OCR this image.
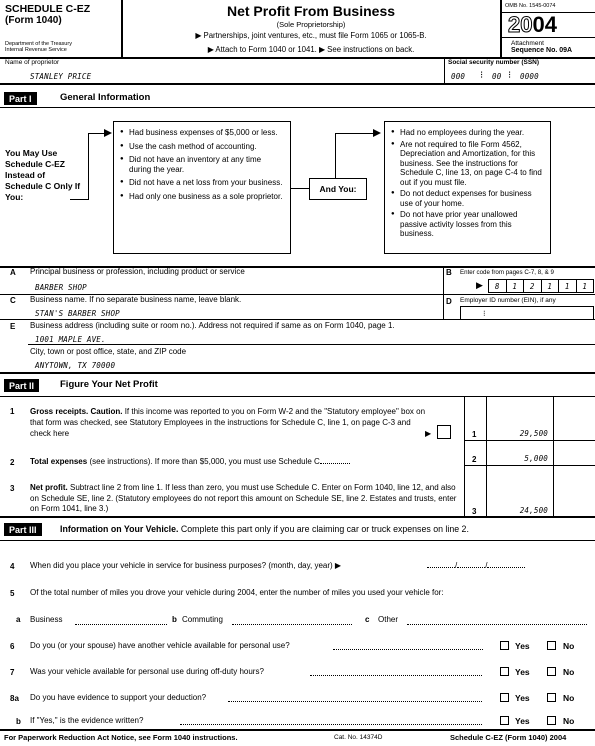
SCHEDULE C-EZ
(Form 1040)
Department of the Treasury
Internal Revenue Service
Net Profit From Business
(Sole Proprietorship)
▶ Partnerships, joint ventures, etc., must file Form 1065 or 1065-B.
▶ Attach to Form 1040 or 1041. ▶ See instructions on back.
OMB No. 1545-0074
2004
Attachment
Sequence No. 09A
Name of proprietor
STANLEY PRICE
Social security number (SSN)
000 ⁝ 00 ⁝ 0000
Part I	General Information
You May Use Schedule C-EZ Instead of Schedule C Only If You:
● Had business expenses of $5,000 or less.
● Use the cash method of accounting.
● Did not have an inventory at any time during the year.
● Did not have a net loss from your business.
● Had only one business as a sole proprietor.
And You:
● Had no employees during the year.
● Are not required to file Form 4562, Depreciation and Amortization, for this business. See the instructions for Schedule C, line 13, on page C-4 to find out if you must file.
● Do not deduct expenses for business use of your home.
● Do not have prior year unallowed passive activity losses from this business.
A Principal business or profession, including product or service
BARBER SHOP
B Enter code from pages C-7, 8, & 9
▶	8	1	2	1	1	1
C Business name. If no separate business name, leave blank.
STAN'S BARBER SHOP
D Employer ID number (EIN), if any
⁝
E Business address (including suite or room no.). Address not required if same as on Form 1040, page 1.
1001 MAPLE AVE.
City, town or post office, state, and ZIP code
ANYTOWN, TX 70000
Part II	Figure Your Net Profit
1 Gross receipts. Caution. If this income was reported to you on Form W-2 and the "Statutory employee" box on that form was checked, see Statutory Employees in the instructions for Schedule C, line 1, on page C-3 and check here	▶	1	29,500
2 Total expenses (see instructions). If more than $5,000, you must use Schedule C	2	5,000
3 Net profit. Subtract line 2 from line 1. If less than zero, you must use Schedule C. Enter on Form 1040, line 12, and also on Schedule SE, line 2. (Statutory employees do not report this amount on Schedule SE, line 2. Estates and trusts, enter on Form 1041, line 3.)	3	24,500
Part III	Information on Your Vehicle. Complete this part only if you are claiming car or truck expenses on line 2.
4 When did you place your vehicle in service for business purposes? (month, day, year) ▶	/	/
5 Of the total number of miles you drove your vehicle during 2004, enter the number of miles you used your vehicle for:
a Business	b Commuting	c Other
6 Do you (or your spouse) have another vehicle available for personal use?	Yes	No
7 Was your vehicle available for personal use during off-duty hours?	Yes	No
8a Do you have evidence to support your deduction?	Yes	No
b If "Yes," is the evidence written?	Yes	No
For Paperwork Reduction Act Notice, see Form 1040 instructions.	Cat. No. 14374D	Schedule C-EZ (Form 1040) 2004
